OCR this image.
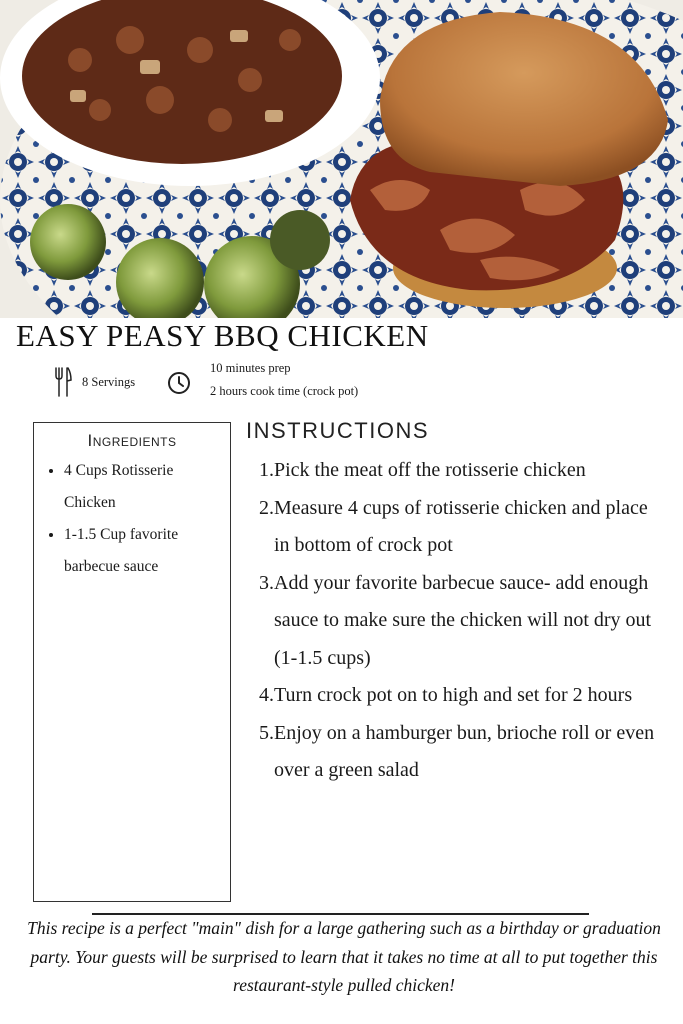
EASY PEASY BBQ CHICKEN
8 Servings
10 minutes prep
2 hours cook time (crock pot)
Ingredients
• 4 Cups Rotisserie Chicken
• 1-1.5 Cup favorite barbecue sauce
INSTRUCTIONS
1. Pick the meat off the rotisserie chicken
2. Measure 4 cups of rotisserie chicken and place in bottom of crock pot
3. Add your favorite barbecue sauce- add enough sauce to make sure the chicken will not dry out (1-1.5 cups)
4. Turn crock pot on to high and set for 2 hours
5. Enjoy on a hamburger bun, brioche roll or even over a green salad

This recipe is a perfect "main" dish for a large gathering such as a birthday or graduation party. Your guests will be surprised to learn that it takes no time at all to put together this restaurant-style pulled chicken!
